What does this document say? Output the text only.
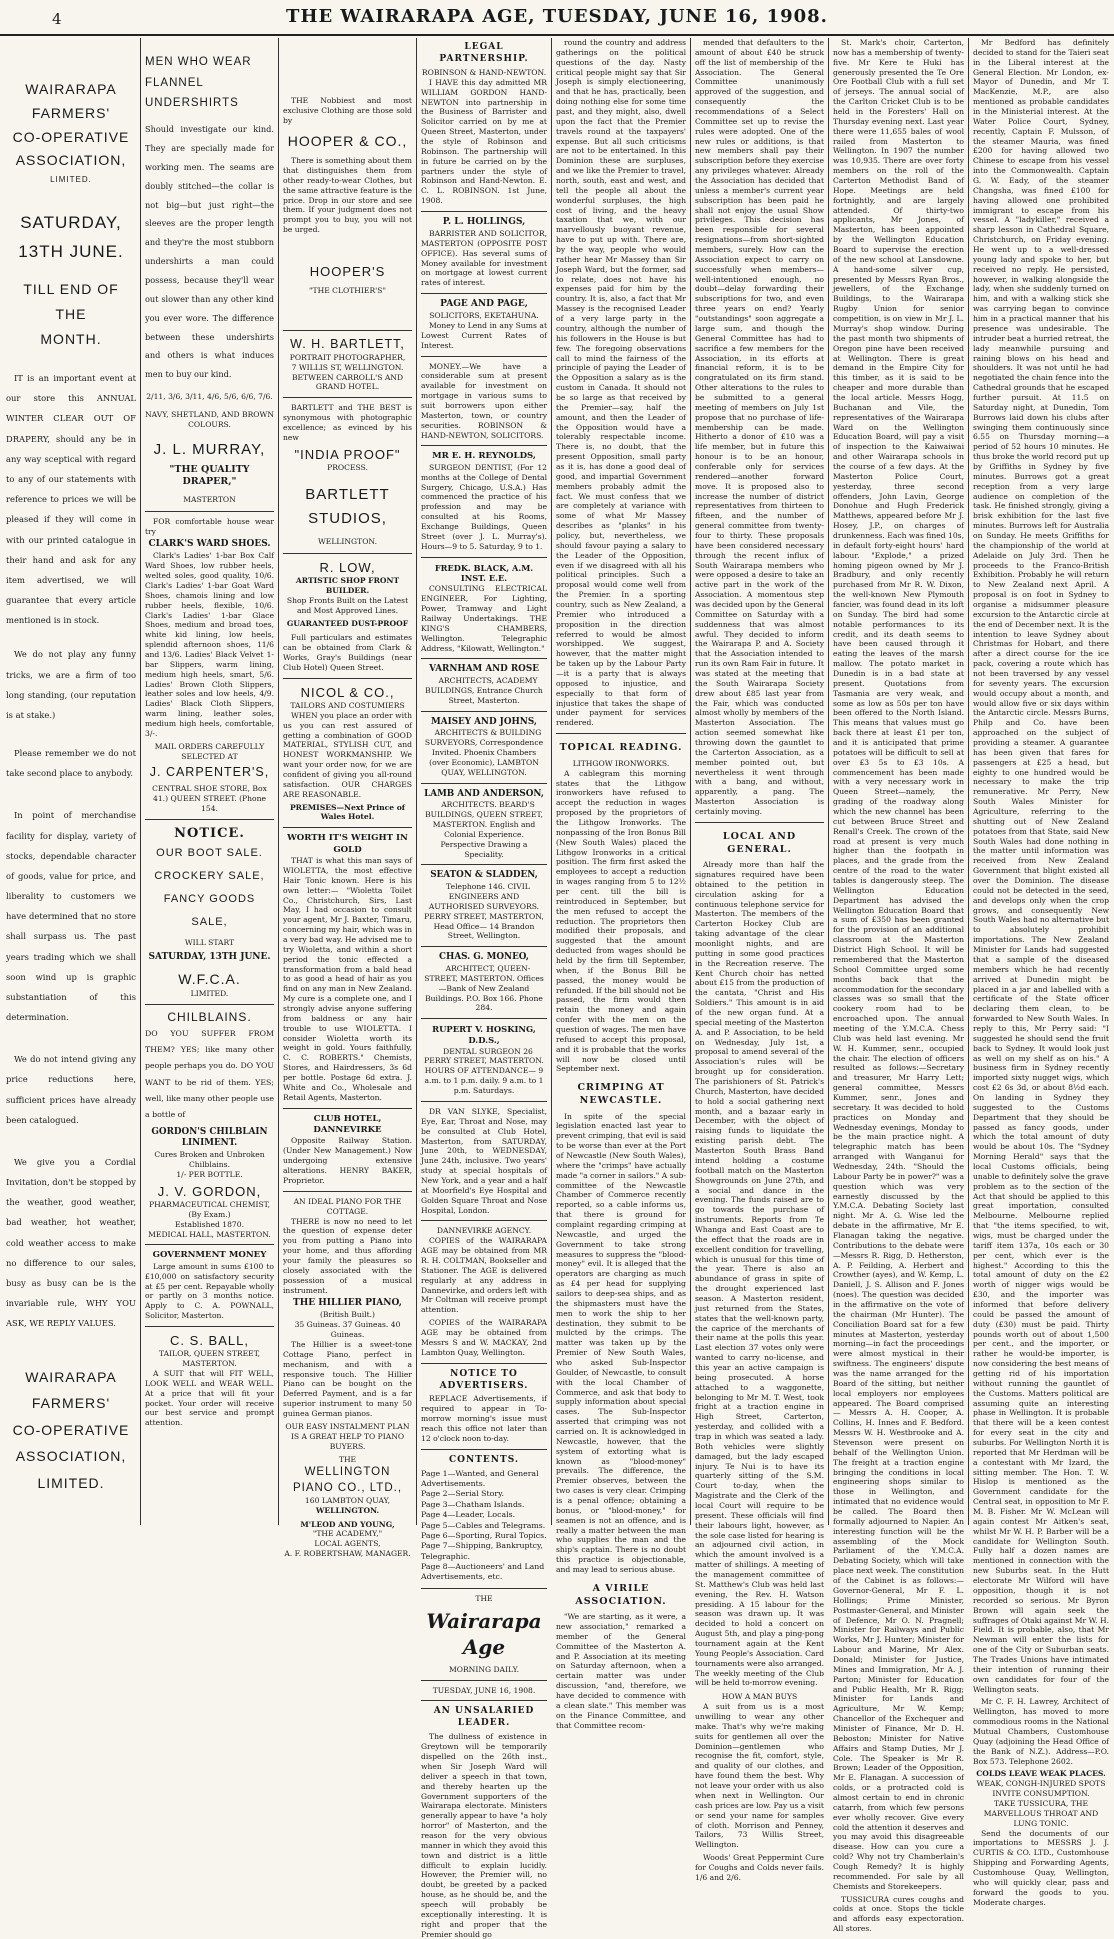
4	THE WAIRARAPA AGE, TUESDAY, JUNE 16, 1908.
WAIRARAPA
FARMERS'
CO-OPERATIVE
ASSOCIATION,
LIMITED.
SATURDAY,
13TH JUNE.
TILL END OF THE
MONTH.

IT is an important event at our store this ANNUAL WINTER CLEAR OUT OF DRAPERY, should any be in any way sceptical with regard to any of our statements with reference to prices we will be pleased if they will come in with our printed catalogue in their hand and ask for any item advertised, we will guarantee that every article mentioned is in stock.

We do not play any funny tricks, we are a firm of too long standing, (our reputation is at stake.)

Please remember we do not take second place to anybody.

In point of merchandise facility for display, variety of stocks, dependable character of goods, value for price, and liberality to customers we have determined that no store shall surpass us. The past years trading which we shall soon wind up is graphic substantiation of this determination.

We do not intend giving any price reductions here, sufficient prices have already been catalogued.

We give you a Cordial Invitation, don't be stopped by the weather, good weather, bad weather, hot weather, cold weather access to make no difference to our sales, busy as busy can be is the invariable rule, WHY YOU ASK, WE REPLY VALUES.

WAIRARAPA
FARMERS'
CO-OPERATIVE
ASSOCIATION,
LIMITED.
MEN WHO WEAR
FLANNEL
UNDERSHIRTS

Should investigate our kind. They are specially made for working men. The seams are doubly stitched—the collar is not big—but just right—the sleeves are the proper length and they're the most stubborn undershirts a man could possess, because they'll wear out slower than any other kind you ever wore. The difference between these undershirts and others is what induces men to buy our kind.

2/11, 3/6, 3/11, 4/6, 5/6, 6/6, 7/6.
NAVY, SHETLAND, AND BROWN COLOURS.
J. L. MURRAY,
"THE QUALITY DRAPER,"
MASTERTON

FOR comfortable house wear try

CLARK'S WARD SHOES.

Clark's Ladies' 1-bar Box Calf Ward Shoes, low rubber heels, welted soles, good quality, 10/6. Clark's Ladies' 1-bar Goat Ward Shoes, chamois lining and low rubber heels, flexible, 10/6. Clark's Ladies' 1-bar Glace Shoes, medium and broad toes, white kid lining, low heels, splendid afternoon shoes, 11/6 and 13/6. Ladies' Black Velvet 1-bar Slippers, warm lining, medium high heels, smart, 5/6. Ladies' Brown Cloth Slippers, leather soles and low heels, 4/9. Ladies' Black Cloth Slippers, warm lining, leather soles, medium high heels, comfortable, 3/-.

MAIL ORDERS CAREFULLY SELECTED AT
J. CARPENTER'S,
CENTRAL SHOE STORE, Box 41.) QUEEN STREET. (Phone 154.
NOTICE.
OUR BOOT SALE.
CROCKERY SALE,
FANCY GOODS SALE,
WILL START
SATURDAY, 13TH JUNE.
W.F.C.A.
LIMITED.
CHILBLAINS.

DO YOU SUFFER FROM THEM? YES; like many other people perhaps you do. DO YOU WANT to be rid of them. YES; well, like many other people use a bottle of

GORDON'S CHILBLAIN LINIMENT.
Cures Broken and Unbroken Chilblains.
1/- PER BOTTLE.
J. V. GORDON,
PHARMACEUTICAL CHEMIST,
(By Exam.)
Established 1870.
MEDICAL HALL, MASTERTON.
GOVERNMENT MONEY

Large amount in sums £100 to £10,000 on satisfactory security at £5 per cent. Repayable wholly or partly on 3 months notice. Apply to C. A. POWNALL, Solicitor, Masterton.

C. S. BALL,
TAILOR, QUEEN STREET, MASTERTON.

A SUIT that will FIT WELL, LOOK WELL and WEAR WELL. At a price that will fit your pocket. Your order will receive our best service and prompt attention.

THE Nobbiest and most exclusive Clothing are those sold by

HOOPER & CO.,

There is something about them that distinguishes them from other ready-to-wear Clothes, but the same attractive feature is the price. Drop in our store and see them. If your judgment does not prompt you to buy, you will not be urged.

HOOPER'S
"THE CLOTHIER'S"
W. H. BARTLETT,
PORTRAIT PHOTOGRAPHER,
7 WILLIS ST, WELLINGTON. BETWEEN CARROLL'S AND GRAND HOTEL.

BARTLETT and THE BEST is synonymous with photographic excellence; as evinced by his new

"INDIA PROOF"
PROCESS.
BARTLETT
STUDIOS,
WELLINGTON.
R. LOW,
ARTISTIC SHOP FRONT BUILDER.
Shop Fronts Built on the Latest and Most Approved Lines.
GUARANTEED DUST-PROOF

Full particulars and estimates can be obtained from Clark & Works, Gray's Buildings (near Club Hotel) Queen Street.

NICOL & CO.,
TAILORS AND COSTUMIERS

WHEN you place an order with us you can rest assured of getting a combination of GOOD MATERIAL, STYLISH CUT, and HONEST WORKMANSHIP. We want your order now, for we are confident of giving you all-round satisfaction. OUR CHARGES ARE REASONABLE.

PREMISES—Next Prince of Wales Hotel.
WORTH IT'S WEIGHT IN GOLD

THAT is what this man says of WIOLETTA, the most effective Hair Tonic known. Here is his own letter:— "Wioletta Toilet Co., Christchurch, Sirs, Last May, I had occasion to consult your agent, Mr J. Baxter, Timaru, concerning my hair, which was in a very bad way. He advised me to try Wioletta, and within a short period the tonic effected a transformation from a bald head to as good a head of hair as you find on any man in New Zealand. My cure is a complete one, and I strongly advise anyone suffering from baldness or any hair trouble to use WIOLETTA. I consider Wioletta worth its weight in gold. Yours faithfully, C. C. ROBERTS." Chemists, Stores, and Hairdressers, 3s 6d per bottle. Postage 6d extra. J. White and Co., Wholesale and Retail Agents, Masterton.

CLUB HOTEL, DANNEVIRKE

Opposite Railway Station. (Under New Management.) Now undergoing extensive alterations. HENRY BAKER, Proprietor.

AN IDEAL PIANO FOR THE COTTAGE.

THERE is now no need to let the question of expense deter you from putting a Piano into your home, and thus affording your family the pleasures so closely associated with the possession of a musical instrument.

THE HILLIER PIANO,
(British Built.)
35 Guineas. 37 Guineas. 40 Guineas.

The Hillier is a sweet-tone Cottage Piano, perfect in mechanism, and with a responsive touch. The Hillier Piano can be bought on the Deferred Payment, and is a far superior instrument to many 50 guinea German pianos.

OUR EASY INSTALMENT PLAN IS A GREAT HELP TO PIANO BUYERS.
THE
WELLINGTON PIANO CO., LTD.,
160 LAMBTON QUAY,
WELLINGTON.
M'LEOD AND YOUNG,
"THE ACADEMY,"
LOCAL AGENTS,
A. F. ROBERTSHAW, MANAGER.
LEGAL PARTNERSHIP.
ROBINSON & HAND-NEWTON.

I HAVE this day admitted MR WILLIAM GORDON HAND-NEWTON into partnership in the Business of Barrister and Solicitor carried on by me at Queen Street, Masterton, under the style of Robinson and Robinson. The partnership will in future be carried on by the partners under the style of Robinson and Hand-Newton. E. C. L. ROBINSON. 1st June, 1908.

P. L. HOLLINGS,

BARRISTER AND SOLICITOR, MASTERTON (OPPOSITE POST OFFICE). Has several sums of Money available for investment on mortgage at lowest current rates of interest.

PAGE AND PAGE,
SOLICITORS, EKETAHUNA.

Money to Lend in any Sums at Lowest Current Rates of Interest.

MONEY.—We have a considerable sum at present available for investment on mortgage in various sums to suit borrowers upon either Masterton, town, or country securities. ROBINSON & HAND-NEWTON, SOLICITORS.

MR E. H. REYNOLDS,

SURGEON DENTIST, (For 12 months at the College of Dental Surgery, Chicago, U.S.A.) Has commenced the practice of his profession and may be consulted at his Rooms, Exchange Buildings, Queen Street (over J. L. Murray's). Hours—9 to 5. Saturday, 9 to 1.

FREDK. BLACK, A.M. INST. E.E.

CONSULTING ELECTRICAL ENGINEER, For Lighting, Power, Tramway and Light Railway Undertakings. THE KING'S CHAMBERS, Wellington. Telegraphic Address, "Kilowatt, Wellington."

VARNHAM AND ROSE

ARCHITECTS, ACADEMY BUILDINGS, Entrance Church Street, Masterton.

MAISEY AND JOHNS,

ARCHITECTS & BUILDING SURVEYORS, Correspondence Invited. Phoenix Chambers (over Economic), LAMBTON QUAY, WELLINGTON.

LAMB AND ANDERSON,

ARCHITECTS. BEARD'S BUILDINGS, QUEEN STREET, MASTERTON. English and Colonial Experience. Perspective Drawing a Speciality.

SEATON & SLADDEN,

Telephone 146. CIVIL ENGINEERS AND AUTHORISED SURVEYORS. PERRY STREET, MASTERTON, Head Office— 14 Brandon Street, Wellington.

CHAS. G. MONEO,

ARCHITECT, QUEEN-STREET, MASTERTON. Offices—Bank of New Zealand Buildings. P.O. Box 166. Phone 284.

RUPERT V. HOSKING, D.D.S.,

DENTAL SURGEON 26 PERRY STREET, MASTERTON. HOURS OF ATTENDANCE— 9 a.m. to 1 p.m. daily. 9 a.m. to 1 p.m. Saturdays.

DR VAN SLYKE, Specialist, Eye, Ear, Throat and Nose, may be consulted at Club Hotel, Masterton, from SATURDAY, June 20th, to WEDNESDAY, June 24th, inclusive. Two years' study at special hospitals of New York, and a year and a half at Moorfield's Eye Hospital and Golden Square Throat and Nose Hospital, London.

DANNEVIRKE AGENCY.

COPIES of the WAIRARAPA AGE may be obtained from MR R. H. COLTMAN, Bookseller and Stationer. The AGE is delivered regularly at any address in Dannevirke, and orders left with Mr Coltman will receive prompt attention.

COPIES of the WAIRARAPA AGE may be obtained from Messrs S and W. MACKAY, 2nd Lambton Quay, Wellington.

NOTICE TO ADVERTISERS.

REPLACE Advertisements, if required to appear in To-morrow morning's issue must reach this office not later than 12 o'clock noon to-day.

CONTENTS.
Page 1—Wanted, and General Advertisements.
Page 2—Serial Story.
Page 3—Chatham Islands.
Page 4—Leader, Locals.
Page 5—Cables and Telegrams.
Page 6—Sporting, Rural Topics.
Page 7—Shipping, Bankruptcy, Telegraphic.
Page 8—Auctioneers' and Land Advertisements, etc.
THE
Wairarapa Age
MORNING DAILY.
TUESDAY, JUNE 16, 1908.
AN UNSALARIED LEADER.

The dullness of existence in Greytown will be temporarily dispelled on the 26th inst., when Sir Joseph Ward will deliver a speech in that town, and thereby hearten up the Government supporters of the Wairarapa electorate. Ministers generally appear to have "a holy horror" of Masterton, and the reason for the very obvious manner in which they avoid this town and district is a little difficult to explain lucidly. However, the Premier will, no doubt, be greeted by a packed house, as he should be, and the speech will probably be exceptionally interesting. It is right and proper that the Premier should go

round the country and address gatherings on the political questions of the day. Nasty critical people might say that Sir Joseph is simply electioneering, and that he has, practically, been doing nothing else for some time past, and they might, also, dwell upon the fact that the Premier travels round at the taxpayers' expense. But all such criticisms are not to be entertained. In this Dominion these are surpluses, and we like the Premier to travel, north, south, east and west, and tell the people all about the wonderful surpluses, the high cost of living, and the heavy taxation that we, with our marvellously buoyant revenue, have to put up with. There are, by the way, people who would rather hear Mr Massey than Sir Joseph Ward, but the former, sad to relate, does not have his expenses paid for him by the country. It is, also, a fact that Mr Massey is the recognised Leader of a very large party in the country, although the number of his followers in the House is but few. The foregoing observations call to mind the fairness of the principle of paying the Leader of the Opposition a salary as is the custom in Canada. It should not be so large as that received by the Premier—say, half the amount, and then the Leader of the Opposition would have a tolerably respectable income. There is, no doubt, that the present Opposition, small party as it is, has done a good deal of good, and impartial Government members probably admit the fact. We must confess that we are completely at variance with some of what Mr Massey describes as "planks" in his policy, but, nevertheless, we should favour paying a salary to the Leader of the Opposition, even if we disagreed with all his political principles. Such a proposal would come well from the Premier. In a sporting country, such as New Zealand, a Premier who introduced a proposition in the direction referred to would be almost worshipped. We suggest, however, that the matter might be taken up by the Labour Party—it is a party that is always opposed to injustice, and especially to that form of injustice that takes the shape of under payment for services rendered.

TOPICAL READING.
LITHGOW IRONWORKS.

A cablegram this morning states that the Lithgow ironworkers have refused to accept the reduction in wages proposed by the proprietors of the Lithgow Ironworks. The nonpassing of the Iron Bonus Bill (New South Wales) placed the Lithgow Ironworks in a critical position. The firm first asked the employees to accept a reduction in wages ranging from 5 to 12½ per cent. till the bill is reintroduced in September, but the men refused to accept the reduction. The proprietors then modified their proposals, and suggested that the amount deducted from wages should be held by the firm till September, when, if the Bonus Bill be passed, the money would be refunded. If the bill should not be passed, the firm would then retain the money and again confer with the men on the question of wages. The men have refused to accept this proposal, and it is probable that the works will now be closed until September next.

CRIMPING AT NEWCASTLE.

In spite of the special legislation enacted last year to prevent crimping, that evil is said to be worse than ever at the Port of Newcastle (New South Wales), where the "crimps" have actually made "a corner in sailors." A sub-committee of the Newcastle Chamber of Commerce recently reported, so a cable informs us, that there is ground for complaint regarding crimping at Newcastle, and urged the Government to take strong measures to suppress the "blood-money" evil. It is alleged that the operators are charging as much as £4 per head for supplying sailors to deep-sea ships, and as the shipmasters must have the men to work the ship to her destination, they submit to be mulcted by the crimps. The matter was taken up by the Premier of New South Wales, who asked Sub-Inspector Goulder, of Newcastle, to consult with the local Chamber of Commerce, and ask that body to supply information about special cases. The Sub-Inspector asserted that crimping was not carried on. It is acknowledged in Newcastle, however, that the system of extorting what is known as "blood-money" prevails. The difference, the Premier observes, between the two cases is very clear. Crimping is a penal offence; obtaining a bonus, or "blood-money," for seamen is not an offence, and is really a matter between the man who supplies the man and the ship's captain. There is no doubt this practice is objectionable, and may lead to serious abuse.

A VIRILE ASSOCIATION.

"We are starting, as it were, a new association," remarked a member of the General Committee of the Masterton A. and P. Association at its meeting on Saturday afternoon, when a certain matter was under discussion, "and, therefore, we have decided to commence with a clean slate." This member was on the Finance Committee, and that Committee recom-

mended that defaulters to the amount of about £40 be struck off the list of membership of the Association. The General Committee unanimously approved of the suggestion, and consequently the recommendations of a Select Committee set up to revise the rules were adopted. One of the new rules or additions, is that new members shall pay their subscription before they exercise any privileges whatever. Already the Association has decided that unless a member's current year subscription has been paid he shall not enjoy the usual Show privileges. This decision has been responsible for several resignations—from short-sighted members, surely. How can the Association expect to carry on successfully when members—well-intentioned enough, no doubt—delay forwarding their subscriptions for two, and even three years on end? Yearly "outstandings" soon aggregate a large sum, and though the General Committee has had to sacrifice a few members for the Association, in its efforts at financial reform, it is to be congratulated on its firm stand. Other alterations to the rules to be submitted to a general meeting of members on July 1st propose that no purchase of life-membership can be made. Hitherto a donor of £10 was a life member, but in future this honour is to be an honour, conferable only for services rendered—another forward move. It is proposed also to increase the number of district representatives from thirteen to fifteen, and the number of general committee from twenty-four to thirty. These proposals have been considered necessary through the recent influx of South Wairarapa members who were opposed a desire to take an active part in the work of the Association. A momentous step was decided upon by the General Committee on Saturday with a suddenness that was almost awful. They decided to inform the Wairarapa P. and A. Society that the Association intended to run its own Ram Fair in future. It was stated at the meeting that the South Wairarapa Society drew about £85 last year from the Fair, which was conducted almost wholly by members of the Masterton Association. The action seemed somewhat like throwing down the gauntlet to the Carterton Association, as a member pointed out, but nevertheless it went through with a bang, and without, apparently, a pang. The Masterton Association is certainly moving.

LOCAL AND GENERAL.

Already more than half the signatures required have been obtained to the petition in circulation asking for a continuous telephone service for Masterton. The members of the Carterton Hockey Club are taking advantage of the clear moonlight nights, and are putting in some good practices in the Recreation reserve. The Kent Church choir has netted about £15 from the production of the cantata, "Christ and His Soldiers." This amount is in aid of the new organ fund. At a special meeting of the Masterton A. and P. Association, to be held on Wednesday, July 1st, a proposal to amend several of the Association's rules will be brought up for consideration. The parishioners of St. Patrick's Church, Masterton, have decided to hold a social gathering next month, and a bazaar early in December, with the object of raising funds to liquidate the existing parish debt. The Masterton South Brass Band intend holding a costume football match on the Masterton Showgrounds on June 27th, and a social and dance in the evening. The funds raised are to go towards the purchase of instruments. Reports from Te Whanga and East Coast are to the effect that the roads are in excellent condition for travelling, which is unusual for this time of the year. There is also an abundance of grass in spite of the drought experienced last season. A Masterton resident, just returned from the States, states that the well-known party, the caprice of the merchants of their name at the polls this year. Last election 37 votes only were wanted to carry no-license, and this year an active campaign is being prosecuted. A horse attached to a waggonette, belonging to Mr M. T. West, took fright at a traction engine in High Street, Carterton, yesterday, and collided with a trap in which was seated a lady. Both vehicles were slightly damaged, but the lady escaped injury. Te Nui is to have its quarterly sitting of the S.M. Court to-day, when the Magistrate and the Clerk of the local Court will require to be present. These officials will find their labours light, however, as the sole case listed for hearing is an adjourned civil action, in which the amount involved is a matter of shillings. A meeting of the management committee of St. Matthew's Club was held last evening, the Rev. H. Watson presiding. A 15 labour for the season was drawn up. It was decided to hold a concert on August 5th, and play a ping-pong tournament again at the Kent Young People's Association. Card tournaments were also arranged. The weekly meeting of the Club will be held to-morrow evening.

HOW A MAN BUYS

A suit from us is a most unwilling to wear any other make. That's why we're making suits for gentlemen all over the Dominion—gentlemen who recognise the fit, comfort, style, and quality of our clothes, and have found them the best. Why not leave your order with us also when next in Wellington. Our cash prices are low. Pay us a visit or send your name for samples of cloth. Morrison and Penney, Tailors, 73 Willis Street, Wellington.

Woods' Great Peppermint Cure for Coughs and Colds never fails. 1/6 and 2/6.

St. Mark's choir, Carterton, now has a membership of twenty-five. Mr Kere te Huki has generously presented the Te Ore Ore Football Club with a full set of jerseys. The annual social of the Carlton Cricket Club is to be held in the Foresters' Hall on Thursday evening next. Last year there were 11,655 bales of wool railed from Masterton to Wellington. In 1907 the number was 10,935. There are over forty members on the roll of the Carterton Methodist Band of Hope. Meetings are held fortnightly, and are largely attended. Of thirty-two applicants, Mr Jones, of Masterton, has been appointed by the Wellington Education Board to supervise the erection of the new school at Lansdowne. A hand-some silver cup, presented by Messrs Ryan Bros., jewellers, of the Exchange Buildings, to the Wairarapa Rugby Union for senior competition, is on view in Mr J. L. Murray's shop window. During the past month two shipments of Oregon pine have been received at Wellington. There is great demand in the Empire City for this timber, as it is said to be cheaper and more durable than the local article. Messrs Hogg, Buchanan and Vile, the representatives of the Wairarapa Ward on the Wellington Education Board, will pay a visit of inspection to the Kaiwaiwai and other Wairarapa schools in the course of a few days. At the Masterton Police Court, yesterday, three second offenders, John Lavin, George Donohue and Hugh Frederick Matthews, appeared before Mr J. Hosey, J.P., on charges of drunkenness. Each was fined 10s, in default forty-eight hours' hard labour. "Explode," a prized homing pigeon owned by Mr J. Bradbury, and only recently purchased from Mr R. W. Dixon, the well-known New Plymouth fancier, was found dead in its loft on Sunday. The bird had some notable performances to its credit, and its death seems to have been caused through it eating the leaves of the marsh mallow. The potato market in Dunedin is in a bad state at present. Quotations from Tasmania are very weak, and some as low as 50s per ton have been offered to the North Island. This means that values must go back there at least £1 per ton, and it is anticipated that prime potatoes will be difficult to sell at over £3 5s to £3 10s. A commencement has been made with a very necessary work in Queen Street—namely, the grading of the roadway along which the new channel has been cut between Bruce Street and Renall's Creek. The crown of the road at present is very much higher than the footpath in places, and the grade from the centre of the road to the water tables is dangerously steep. The Wellington Education Department has advised the Wellington Education Board that a sum of £350 has been granted for the provision of an additional classroom at the Masterton District High School. It will be remembered that the Masterton School Committee urged some months back that the accommodation for the secondary classes was so small that the cookery room had to be encroached upon. The annual meeting of the Y.M.C.A. Chess Club was held last evening. Mr W. H. Kummer, senr., occupied the chair. The election of officers resulted as follows:—Secretary and treasurer, Mr Harry Lett; general committee, Messrs Kummer, senr., Jones and secretary. It was decided to hold practices on Monday and Wednesday evenings, Monday to be the main practice night. A telegraphic match has been arranged with Wanganui for Wednesday, 24th. "Should the Labour Party be in power?" was a question which was very earnestly discussed by the Y.M.C.A. Debating Society last night. Mr A. G. Wise led the debate in the affirmative, Mr E. Flanagan taking the negative. Contributions to the debate were—Messrs R. Rigg, D. Hetherston, A. P. Feilding, A. Herbert and Crowther (ayes), and W. Kemp, L. Daniell, J. S. Allison and F. Jones (noes). The question was decided in the affirmative on the vote of the chairman (Mr Hunter). The Conciliation Board sat for a few minutes at Masterton, yesterday morning—in fact the proceedings were almost mystical in their swiftness. The engineers' dispute was the name arranged for the Board of the sitting, but neither local employers nor employees appeared. The Board comprised — Messrs A. H. Cooper, A. Collins, H. Innes and F. Bedford. Messrs W. H. Westbrooke and A. Stevenson were present on behalf of the Wellington Union. The freight at a traction engine bringing the conditions in local engineering shops similar to those in Wellington, and intimated that no evidence would be called. The Board then formally adjourned to Napier. An interesting function will be the assembling of the Mock Parliament of the Y.M.C.A. Debating Society, which will take place next week. The constitution of the Cabinet is as follows:—Governor-General, Mr F. L. Hollings; Prime Minister, Postmaster-General, and Minister of Defence, Mr O. N. Pragnell; Minister for Railways and Public Works, Mr J. Hunter; Minister for Labour and Marine, Mr Alex. Donald; Minister for Justice, Mines and Immigration, Mr A. J. Parton; Minister for Education and Public Health, Mr R. Rigg; Minister for Lands and Agriculture, Mr W. Kemp; Chancellor of the Exchequer and Minister of Finance, Mr D. H. Beboston; Minister for Native Affairs and Stamp Duties, Mr J. Cole. The Speaker is Mr R. Brown; Leader of the Opposition, Mr E. Flanagan. A succession of colds, or a protracted cold is almost certain to end in chronic catarrh, from which few persons ever wholly recover. Give every cold the attention it deserves and you may avoid this disagreeable disease. How can you cure a cold? Why not try Chamberlain's Cough Remedy? It is highly recommended. For sale by all Chemists and Storekeepers.

TUSSICURA cures coughs and colds at once. Stops the tickle and affords easy expectoration. All stores.

Mr Bedford has definitely decided to stand for the Taieri seat in the Liberal interest at the General Election. Mr London, ex-Mayor of Dunedin, and Mr T. MacKenzie, M.P., are also mentioned as probable candidates in the Ministerial interest. At the Water Police Court, Sydney, recently, Captain F. Mulsson, of the steamer Mauria, was fined £200 for having allowed two Chinese to escape from his vessel into the Commonwealth. Captain G. W. Eady, of the steamer Changsha, was fined £100 for having allowed one prohibited immigrant to escape from his vessel. A "ladykiller," received a sharp lesson in Cathedral Square, Christchurch, on Friday evening. He went up to a well-dressed young lady and spoke to her, but received no reply. He persisted, however, in walking alongside the lady, when she suddenly turned on him, and with a walking stick she was carrying began to convince him in a practical manner that his presence was undesirable. The intruder beat a hurried retreat, the lady meanwhile pursuing and raining blows on his head and shoulders. It was not until he had negotiated the chain fence into the Cathedral grounds that he escaped further pursuit. At 11.5 on Saturday night, at Dunedin, Tom Burrows laid down his clubs after swinging them continuously since 6.55 on Thursday morning—a period of 52 hours 10 minutes. He thus broke the world record put up by Griffiths in Sydney by five minutes. Burrows got a great reception from a very large audience on completion of the task. He finished strongly, giving a brisk exhibition for the last five minutes. Burrows left for Australia on Sunday. He meets Griffiths for the championship of the world at Adelaide on July 3rd. Then he proceeds to the Franco-British Exhibition. Probably he will return to New Zealand next April. A proposal is on foot in Sydney to organise a midsummer pleasure excursion to the Antarctic circle at the end of December next. It is the intention to leave Sydney about Christmas for Hobart, and there after a direct course for the ice pack, covering a route which has not been traversed by any vessel for seventy years. The excursion would occupy about a month, and would allow five or six days within the Antarctic circle. Messrs Burns, Philp and Co. have been approached on the subject of providing a steamer. A guarantee has been given that fares for passengers at £25 a head, but eighty to one hundred would be necessary to make the trip remunerative. Mr Perry, New South Wales Minister for Agriculture, referring to the shutting out of New Zealand potatoes from that State, said New South Wales had done nothing in the matter until information was received from New Zealand Government that blight existed all over the Dominion. The disease could not be detected in the seed, and develops only when the crop grows, and consequently New South Wales had no alternative but to absolutely prohibit importations. The New Zealand Minister for Lands had suggested that a sample of the diseased members which he had recently arrived at Dunedin might be placed in a jar and labelled with a certificate of the State officer declaring them clean, to be forwarded to New South Wales. In reply to this, Mr Perry said: "I suggested he should send the fruit back to Sydney. It would look just as well on my shelf as on his." A business firm in Sydney recently imported sixty nugget wigs, which cost £2 6s 3d, or about 8½d each. On landing in Sydney they suggested to the Customs Department that they should be passed as fancy goods, under which the total amount of duty would be about 10s. The "Sydney Morning Herald" says that the local Customs officials, being unable to definitely solve the grave problem as to the section of the Act that should be applied to this great importation, consulted Melbourne. Melbourne replied that "the items specified, to wit, wigs, must be charged under the tariff item 137a, 10s each or 30 per cent, which ever is the highest." According to this the total amount of duty on the £2 worth of nigger wigs would be £30, and the importer was informed that before delivery could be passed the amount of duty (£30) must be paid. Thirty pounds worth out of about 1,500 per cent., and the importer, or rather he would-be importer, is now considering the best means of getting rid of his importation without running the gauntlet of the Customs. Matters political are assuming quite an interesting phase in Wellington. It is probable that there will be a keen contest for every seat in the city and suburbs. For Wellington North it is reported that Mr Herdman will be a contestant with Mr Izard, the sitting member. The Hon. T. W. Hislop is mentioned as the Government candidate for the Central seat, in opposition to Mr F. M. B. Fisher. Mr W. McLean will again contest Mr Aitken's seat, whilst Mr W. H. P. Barber will be a candidate for Wellington South. Fully half a dozen names are mentioned in connection with the new Suburbs seat. In the Hutt electorate Mr Wilford will have opposition, though it is not recorded so serious. Mr Byron Brown will again seek the suffrages of Otaki against Mr W. H. Field. It is probable, also, that Mr Newman will enter the lists for one of the City or Suburban seats. The Trades Unions have intimated their intention of running their own candidates for four of the Wellington seats.

Mr C. F. H. Lawrey, Architect of Wellington, has moved to more commodious rooms in the National Mutual Chambers, Customhouse Quay (adjoining the Head Office of the Bank of N.Z.). Address—P.O. Box 573. Telephone 2602.

COLDS LEAVE WEAK PLACES.
WEAK, CONGH-INJURED SPOTS INVITE CONSUMPTION.
TAKE TUSSICURA, THE MARVELLOUS THROAT AND LUNG TONIC.

Send the documents of our importations to MESSRS J. J. CURTIS & CO. LTD., Customhouse Shipping and Forwarding Agents, Customhouse Quay, Wellington, who will quickly clear, pass and forward the goods to you. Moderate charges.
